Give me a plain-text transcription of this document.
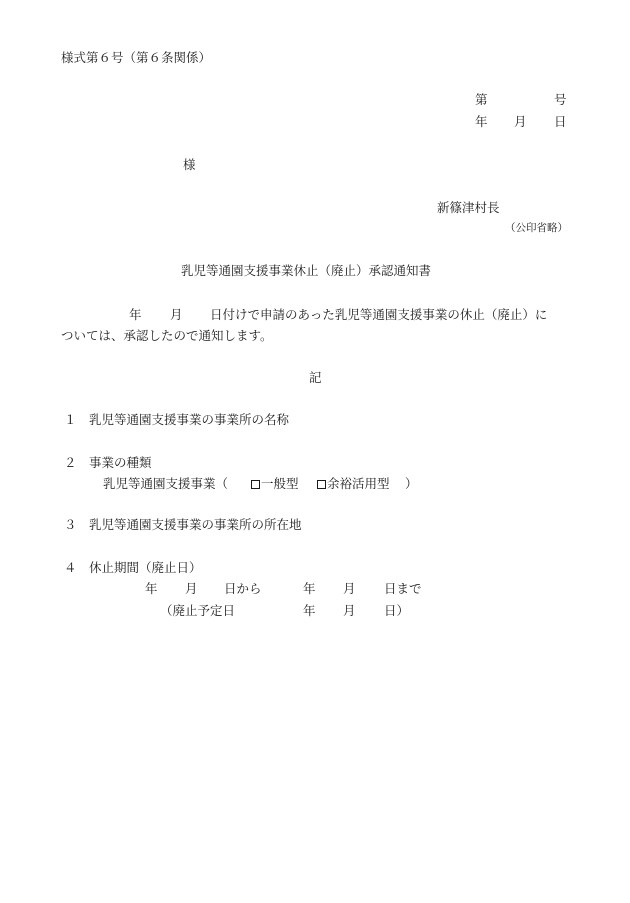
様式第６号（第６条関係）
第	号
年 月 日
様
新篠津村長
（公印省略）
乳児等通園支援事業休止（廃止）承認通知書
年 月 日付けで申請のあった乳児等通園支援事業の休止（廃止）に
ついては、承認したので通知します。
記
１ 乳児等通園支援事業の事業所の名称
２ 事業の種類
乳児等通園支援事業（	一般型	余裕活用型 ）
３ 乳児等通園支援事業の事業所の所在地
４ 休止期間（廃止日）
年 月 日から	年 月 日まで
（廃止予定日	年 月 日）
